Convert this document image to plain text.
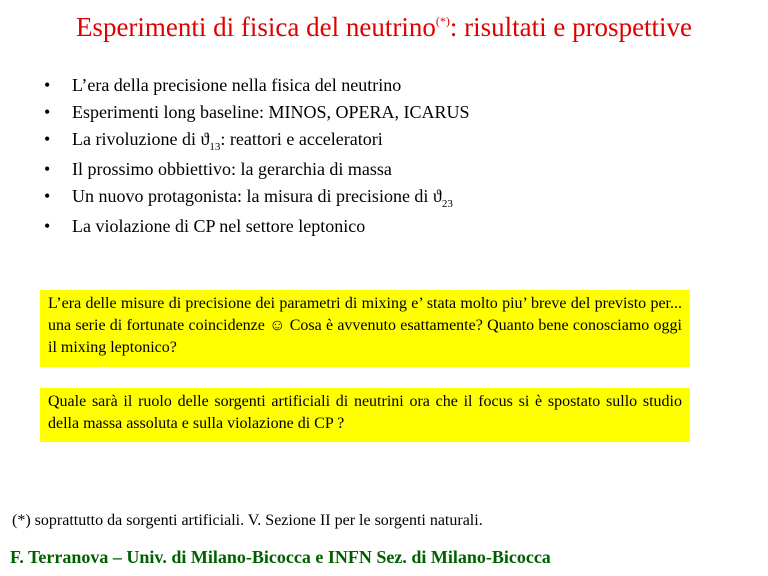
Esperimenti di fisica del neutrino(*): risultati e prospettive
• L’era della precisione nella fisica del neutrino
• Esperimenti long baseline: MINOS, OPERA, ICARUS
• La rivoluzione di $ϑ_{13}$: reattori e acceleratori
• Il prossimo obbiettivo: la gerarchia di massa
• Un nuovo protagonista: la misura di precisione di $ϑ_{23}$
• La violazione di CP nel settore leptonico
L’era delle misure di precisione dei parametri di mixing e’ stata molto piu’ breve del previsto per... una serie di fortunate coincidenze ☺ Cosa è avvenuto esattamente? Quanto bene conosciamo oggi il mixing leptonico?
Quale sarà il ruolo delle sorgenti artificiali di neutrini ora che il focus si è spostato sullo studio della massa assoluta e sulla violazione di CP ?
(*) soprattutto da sorgenti artificiali. V. Sezione II per le sorgenti naturali.
F. Terranova – Univ. di Milano-Bicocca e INFN Sez. di Milano-Bicocca
